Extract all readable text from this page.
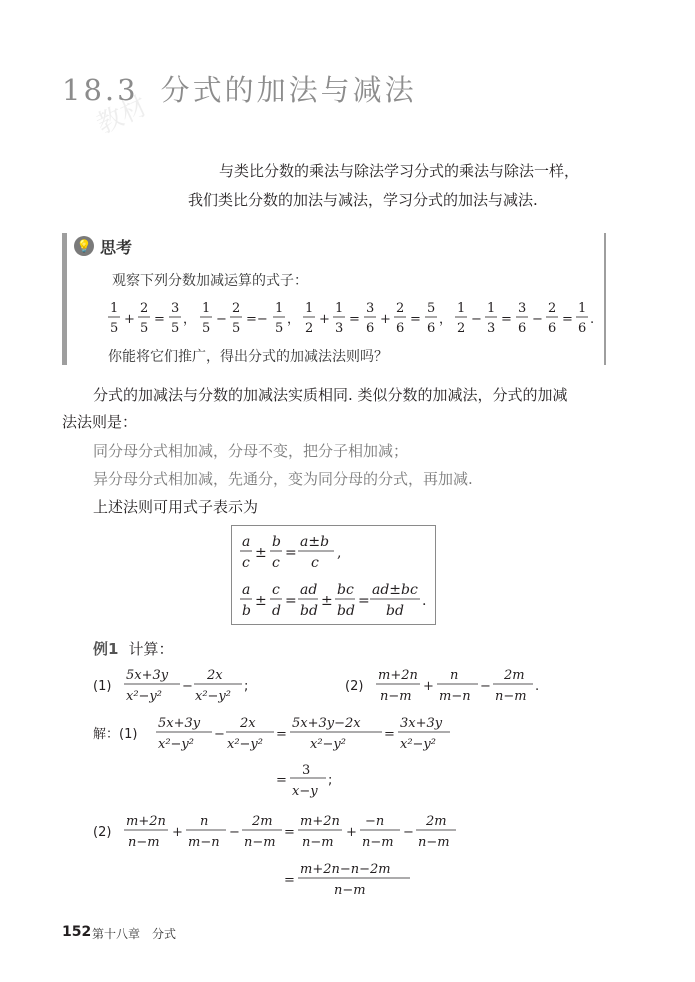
18.3 分式的加法与减法
教材
与类比分数的乘法与除法学习分式的乘法与除法一样，
我们类比分数的加法与减法，学习分式的加法与减法.
💡 思考
观察下列分数加减运算的式子：
你能将它们推广，得出分式的加减法法则吗？
分式的加减法与分数的加减法实质相同. 类似分数的加减法，分式的加减
法法则是：
同分母分式相加减，分母不变，把分子相加减；
异分母分式相加减，先通分，变为同分母的分式，再加减.
上述法则可用式子表示为
例1 计算：
152 第十八章　分式
1
5
+
2
5
=
3
5
，
1
5
−
2
5
=−
1
5
，
1
2
+
1
3
=
3
6
+
2
6
=
5
6
，
1
2
−
1
3
=
3
6
−
2
6
=
1
6
.
a
c
±
b
c
=
a±b
c
,
a
b
±
c
d
=
ad
bd
±
bc
bd
=
ad±bc
bd
.
(1)
5x+3y
x²−y²
−
2x
x²−y²
;	(2)
m+2n
n−m
+
n
m−n
−
2m
n−m
.
解：(1)
5x+3y
x²−y²
−
2x
x²−y²
=
5x+3y−2x
x²−y²
=
3x+3y
x²−y²
=
3
x−y
;
(2)
m+2n
n−m
+
n
m−n
−
2m
n−m
=
m+2n
n−m
+
−n
n−m
−
2m
n−m
=
m+2n−n−2m
n−m
